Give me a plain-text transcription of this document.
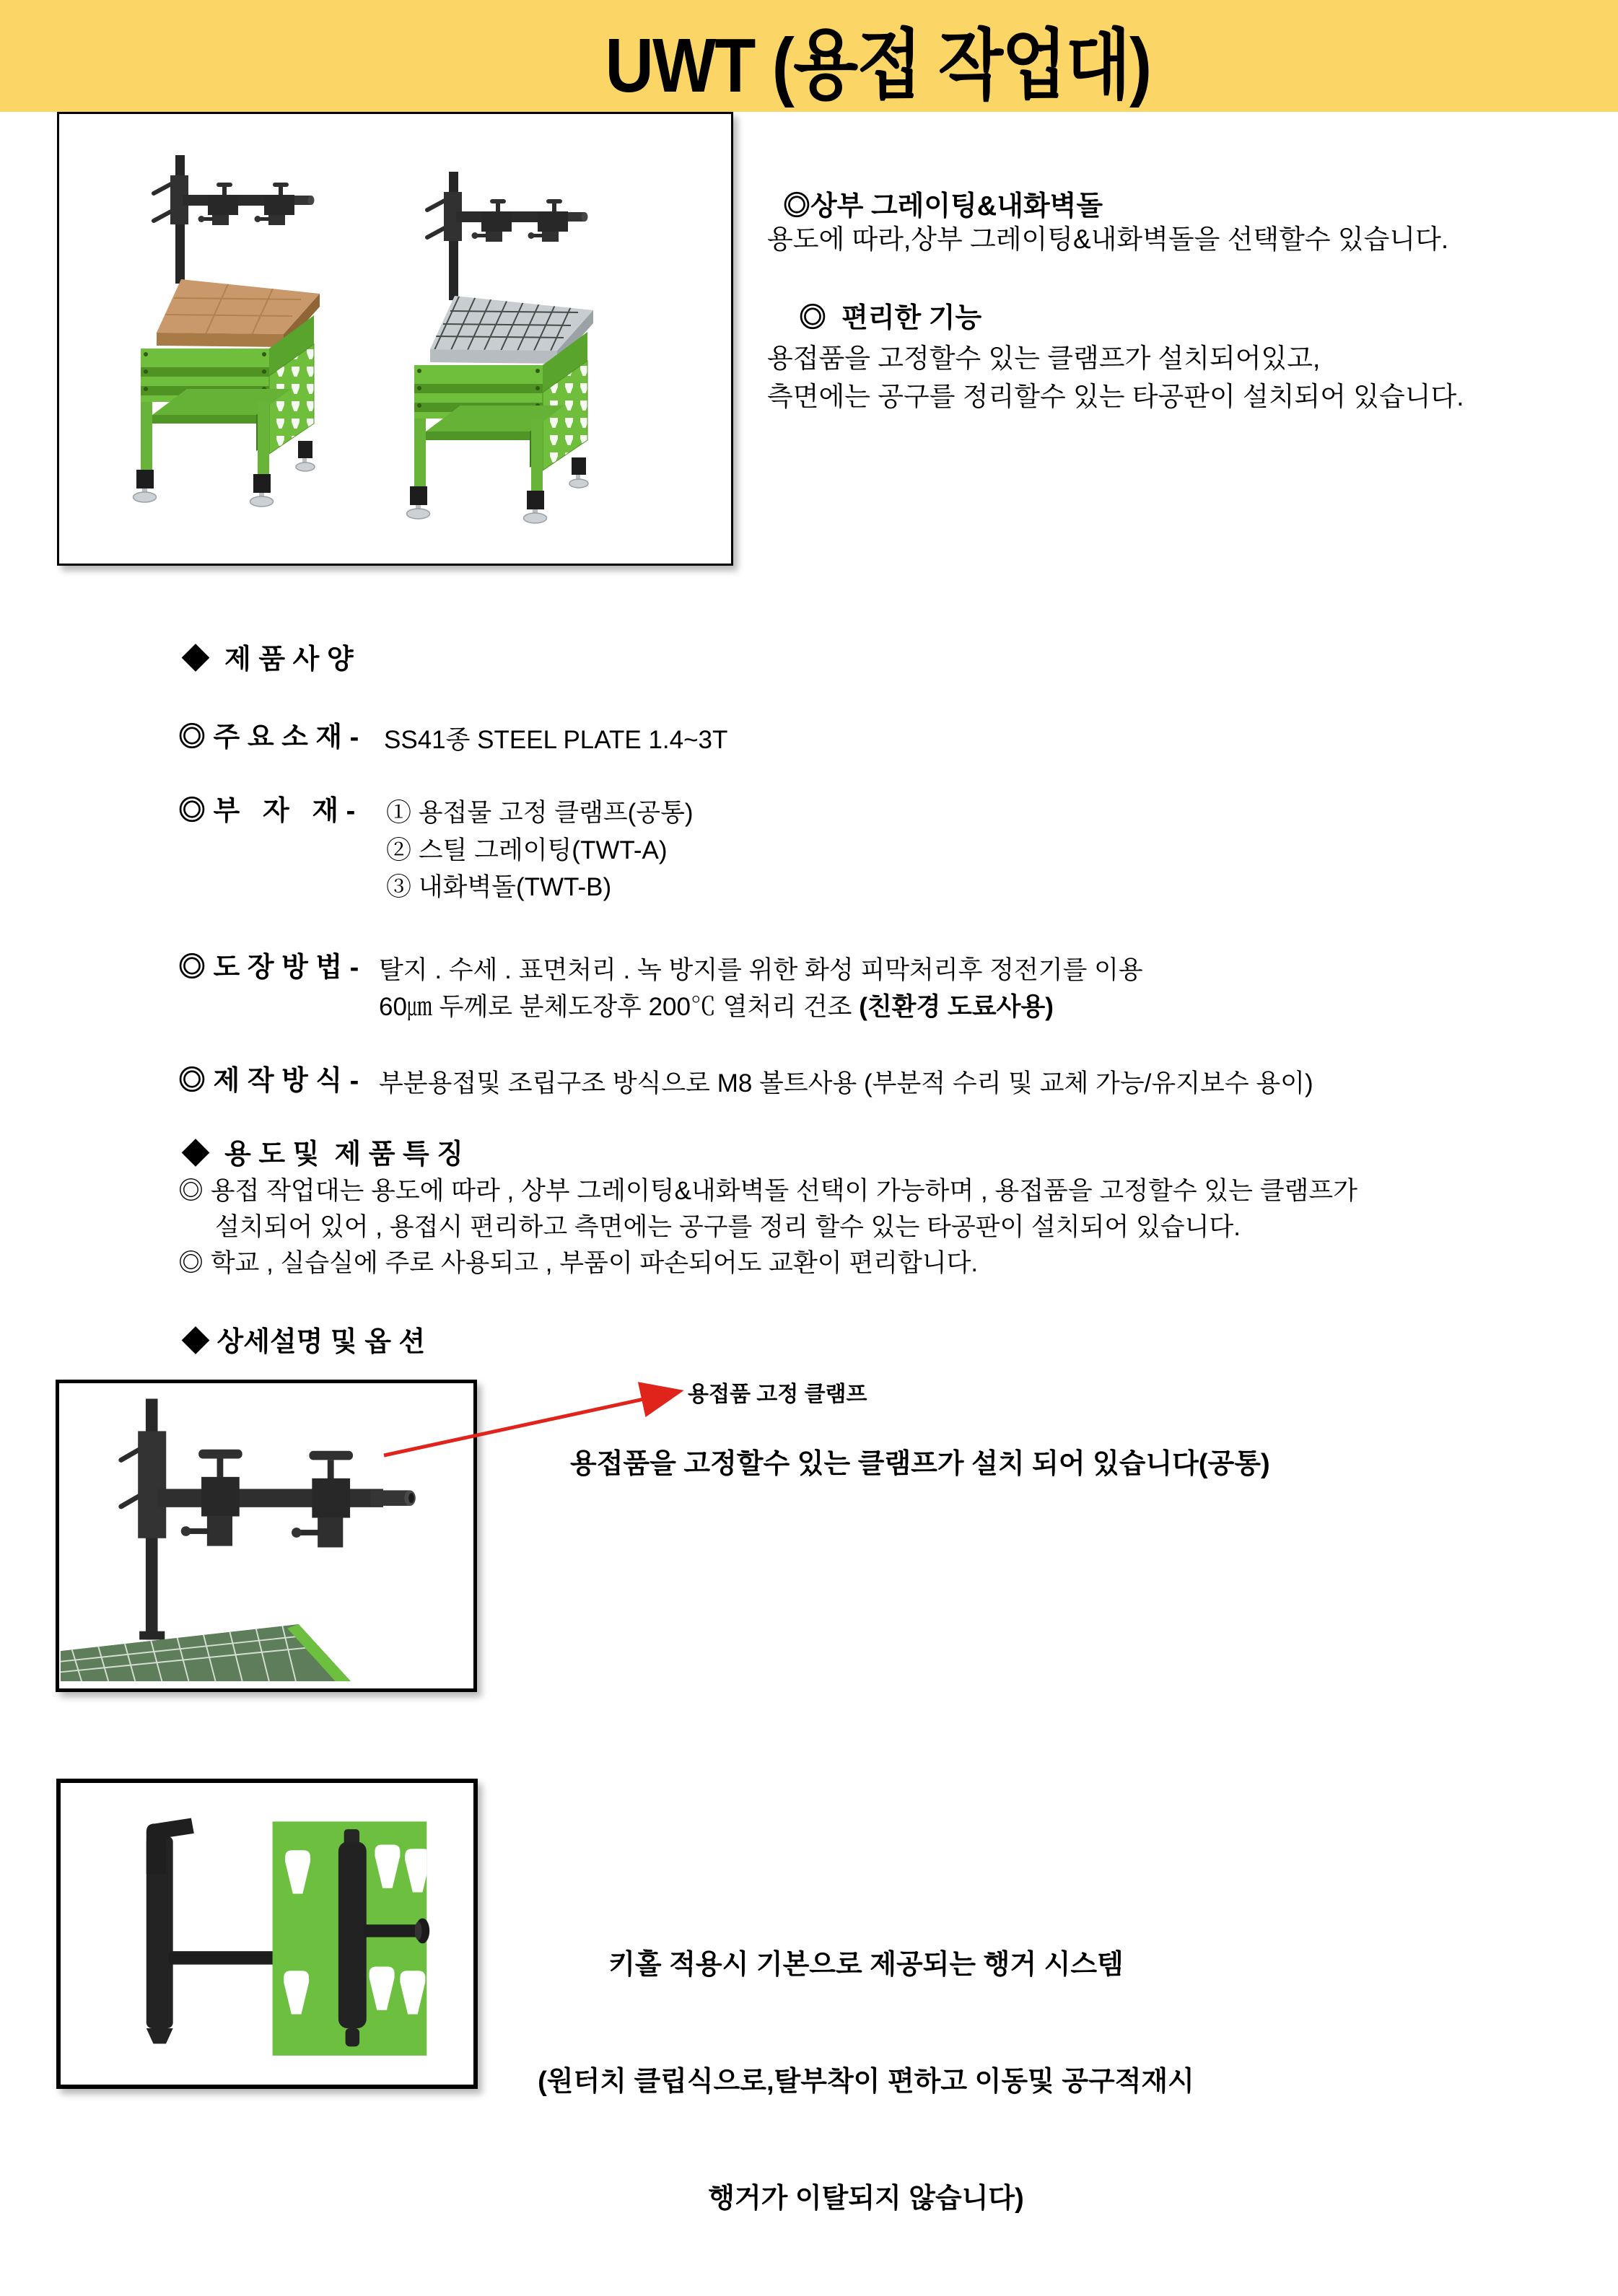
UWT (용접 작업대)
◎상부 그레이팅&내화벽돌
용도에 따라,상부 그레이팅&내화벽돌을 선택할수 있습니다.
◎  편리한 기능
용접품을 고정할수 있는 클램프가 설치되어있고,
측면에는 공구를 정리할수 있는 타공판이 설치되어 있습니다.
◆  제 품 사 양
◎ 주 요 소 재 - SS41종 STEEL PLATE 1.4~3T
◎ 부   자   재 - ① 용접물 고정 클램프(공통)
② 스틸 그레이팅(TWT-A)
③ 내화벽돌(TWT-B)
◎ 도 장 방 법 - 탈지 . 수세 . 표면처리 . 녹 방지를 위한 화성 피막처리후 정전기를 이용
60㎛ 두께로 분체도장후 200℃ 열처리 건조 (친환경 도료사용)
◎ 제 작 방 식 - 부분용접및 조립구조 방식으로 M8 볼트사용 (부분적 수리 및 교체 가능/유지보수 용이)
◆  용 도 및  제 품 특 징
◎ 용접 작업대는 용도에 따라 , 상부 그레이팅&내화벽돌 선택이 가능하며 , 용접품을 고정할수 있는 클램프가
설치되어 있어 , 용접시 편리하고 측면에는 공구를 정리 할수 있는 타공판이 설치되어 있습니다.
◎ 학교 , 실습실에 주로 사용되고 , 부품이 파손되어도 교환이 편리합니다.
◆ 상세설명 및 옵 션
용접품 고정 클램프
용접품을 고정할수 있는 클램프가 설치 되어 있습니다(공통)

키홀 적용시 기본으로 제공되는 행거 시스템

(원터치 클립식으로,탈부착이 편하고 이동및 공구적재시

행거가 이탈되지 않습니다)
